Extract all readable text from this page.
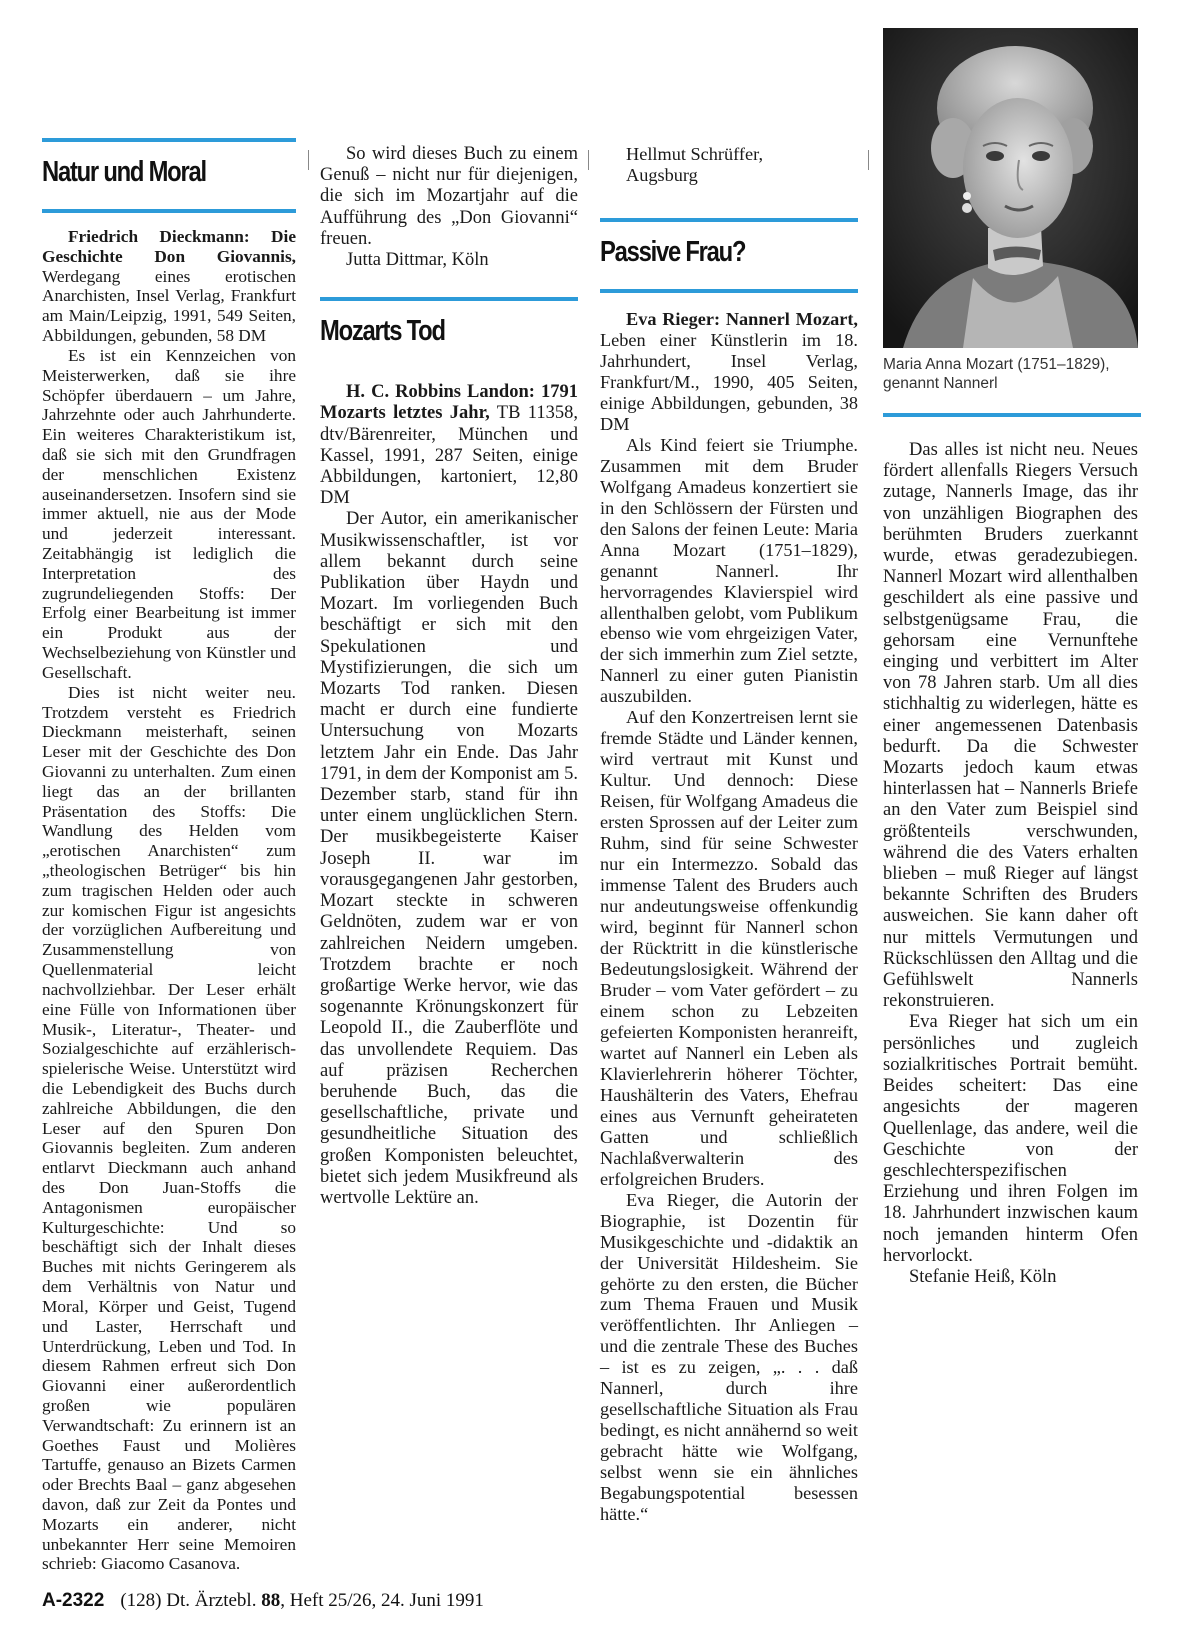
Maria Anna Mozart (1751–1829),
genannt Nannerl
Natur und Moral

Friedrich Dieckmann: Die Geschichte Don Giovannis, Werdegang eines erotischen Anarchisten, Insel Verlag, Frankfurt am Main/Leipzig, 1991, 549 Seiten, Abbildungen, gebunden, 58 DM

Es ist ein Kennzeichen von Meisterwerken, daß sie ihre Schöpfer überdauern – um Jahre, Jahrzehnte oder auch Jahrhunderte. Ein weiteres Charakteristikum ist, daß sie sich mit den Grundfragen der menschlichen Existenz auseinandersetzen. Insofern sind sie immer aktuell, nie aus der Mode und jederzeit interessant. Zeitabhängig ist lediglich die Interpretation des zugrundeliegenden Stoffs: Der Erfolg einer Bearbeitung ist immer ein Produkt aus der Wechselbeziehung von Künstler und Gesellschaft.

Dies ist nicht weiter neu. Trotzdem versteht es Friedrich Dieckmann meisterhaft, seinen Leser mit der Geschichte des Don Giovanni zu unterhalten. Zum einen liegt das an der brillanten Präsentation des Stoffs: Die Wandlung des Helden vom „erotischen Anarchisten“ zum „theologischen Betrüger“ bis hin zum tragischen Helden oder auch zur komischen Figur ist angesichts der vorzüglichen Aufbereitung und Zusammenstellung von Quellenmaterial leicht nachvollziehbar. Der Leser erhält eine Fülle von Informationen über Musik-, Literatur-, Theater- und Sozialgeschichte auf erzählerisch-spielerische Weise. Unterstützt wird die Lebendigkeit des Buchs durch zahlreiche Abbildungen, die den Leser auf den Spuren Don Giovannis begleiten. Zum anderen entlarvt Dieckmann auch anhand des Don Juan-Stoffs die Antagonismen europäischer Kulturgeschichte: Und so beschäftigt sich der Inhalt dieses Buches mit nichts Geringerem als dem Verhältnis von Natur und Moral, Körper und Geist, Tugend und Laster, Herrschaft und Unterdrückung, Leben und Tod. In diesem Rahmen erfreut sich Don Giovanni einer außerordentlich großen wie populären Verwandtschaft: Zu erinnern ist an Goethes Faust und Molières Tartuffe, genauso an Bizets Carmen oder Brechts Baal – ganz abgesehen davon, daß zur Zeit da Pontes und Mozarts ein anderer, nicht unbekannter Herr seine Memoiren schrieb: Giacomo Casanova.

So wird dieses Buch zu einem Genuß – nicht nur für diejenigen, die sich im Mozartjahr auf die Aufführung des „Don Giovanni“ freuen.

Jutta Dittmar, Köln
Mozarts Tod

H. C. Robbins Landon: 1791 Mozarts letztes Jahr, TB 11358, dtv/Bärenreiter, München und Kassel, 1991, 287 Seiten, einige Abbildungen, kartoniert, 12,80 DM

Der Autor, ein amerikanischer Musikwissenschaftler, ist vor allem bekannt durch seine Publikation über Haydn und Mozart. Im vorliegenden Buch beschäftigt er sich mit den Spekulationen und Mystifizierungen, die sich um Mozarts Tod ranken. Diesen macht er durch eine fundierte Untersuchung von Mozarts letztem Jahr ein Ende. Das Jahr 1791, in dem der Komponist am 5. Dezember starb, stand für ihn unter einem unglücklichen Stern. Der musikbegeisterte Kaiser Joseph II. war im vorausgegangenen Jahr gestorben, Mozart steckte in schweren Geldnöten, zudem war er von zahlreichen Neidern umgeben. Trotzdem brachte er noch großartige Werke hervor, wie das sogenannte Krönungskonzert für Leopold II., die Zauberflöte und das unvollendete Requiem. Das auf präzisen Recherchen beruhende Buch, das die gesellschaftliche, private und gesundheitliche Situation des großen Komponisten beleuchtet, bietet sich jedem Musikfreund als wertvolle Lektüre an.

Hellmut Schrüffer,
Augsburg
Passive Frau?

Eva Rieger: Nannerl Mozart, Leben einer Künstlerin im 18. Jahrhundert, Insel Verlag, Frankfurt/M., 1990, 405 Seiten, einige Abbildungen, gebunden, 38 DM

Als Kind feiert sie Triumphe. Zusammen mit dem Bruder Wolfgang Amadeus konzertiert sie in den Schlössern der Fürsten und den Salons der feinen Leute: Maria Anna Mozart (1751–1829), genannt Nannerl. Ihr hervorragendes Klavierspiel wird allenthalben gelobt, vom Publikum ebenso wie vom ehrgeizigen Vater, der sich immerhin zum Ziel setzte, Nannerl zu einer guten Pianistin auszubilden.

Auf den Konzertreisen lernt sie fremde Städte und Länder kennen, wird vertraut mit Kunst und Kultur. Und dennoch: Diese Reisen, für Wolfgang Amadeus die ersten Sprossen auf der Leiter zum Ruhm, sind für seine Schwester nur ein Intermezzo. Sobald das immense Talent des Bruders auch nur andeutungsweise offenkundig wird, beginnt für Nannerl schon der Rücktritt in die künstlerische Bedeutungslosigkeit. Während der Bruder – vom Vater gefördert – zu einem schon zu Lebzeiten gefeierten Komponisten heranreift, wartet auf Nannerl ein Leben als Klavierlehrerin höherer Töchter, Haushälterin des Vaters, Ehefrau eines aus Vernunft geheirateten Gatten und schließlich Nachlaßverwalterin des erfolgreichen Bruders.

Eva Rieger, die Autorin der Biographie, ist Dozentin für Musikgeschichte und -didaktik an der Universität Hildesheim. Sie gehörte zu den ersten, die Bücher zum Thema Frauen und Musik veröffentlichten. Ihr Anliegen – und die zentrale These des Buches – ist es zu zeigen, „. . . daß Nannerl, durch ihre gesellschaftliche Situation als Frau bedingt, es nicht annähernd so weit gebracht hätte wie Wolfgang, selbst wenn sie ein ähnliches Begabungspotential besessen hätte.“

Das alles ist nicht neu. Neues fördert allenfalls Riegers Versuch zutage, Nannerls Image, das ihr von unzähligen Biographen des berühmten Bruders zuerkannt wurde, etwas geradezubiegen. Nannerl Mozart wird allenthalben geschildert als eine passive und selbstgenügsame Frau, die gehorsam eine Vernunftehe einging und verbittert im Alter von 78 Jahren starb. Um all dies stichhaltig zu widerlegen, hätte es einer angemessenen Datenbasis bedurft. Da die Schwester Mozarts jedoch kaum etwas hinterlassen hat – Nannerls Briefe an den Vater zum Beispiel sind größtenteils verschwunden, während die des Vaters erhalten blieben – muß Rieger auf längst bekannte Schriften des Bruders ausweichen. Sie kann daher oft nur mittels Vermutungen und Rückschlüssen den Alltag und die Gefühlswelt Nannerls rekonstruieren.

Eva Rieger hat sich um ein persönliches und zugleich sozialkritisches Portrait bemüht. Beides scheitert: Das eine angesichts der mageren Quellenlage, das andere, weil die Geschichte von der geschlechterspezifischen Erziehung und ihren Folgen im 18. Jahrhundert inzwischen kaum noch jemanden hinterm Ofen hervorlockt.

Stefanie Heiß, Köln
A-2322 (128) Dt. Ärztebl. 88, Heft 25/26, 24. Juni 1991
